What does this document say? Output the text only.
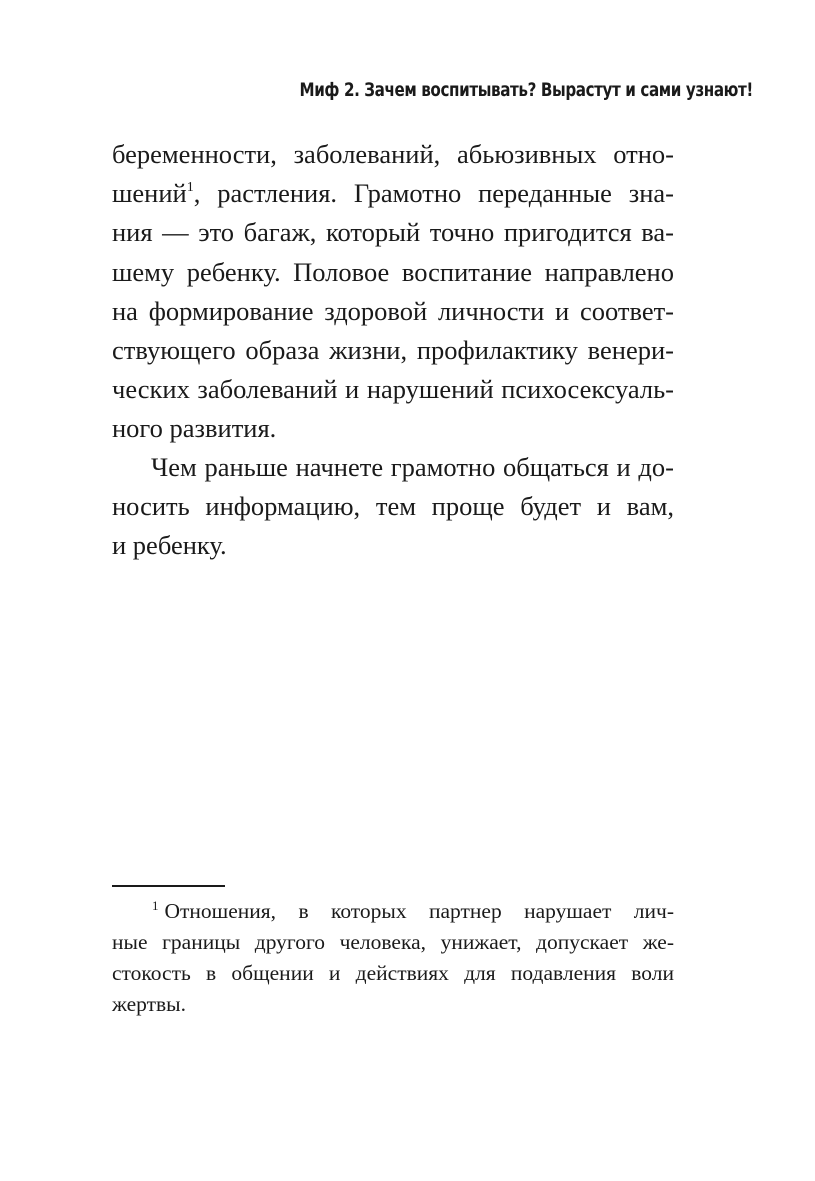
Миф 2. Зачем воспитывать? Вырастут и сами узнают!
беременности, заболеваний, абьюзивных отно-
шений$^1$, растления. Грамотно переданные зна-
ния — это багаж, который точно пригодится ва-
шему ребенку. Половое воспитание направлено
на формирование здоровой личности и соответ-
ствующего образа жизни, профилактику венери-
ческих заболеваний и нарушений психосексуаль-
ного развития.
Чем раньше начнете грамотно общаться и до-
носить информацию, тем проще будет и вам,
и ребенку.
$^1$ Отношения, в которых партнер нарушает лич-
ные границы другого человека, унижает, допускает же-
стокость в общении и действиях для подавления воли
жертвы.
